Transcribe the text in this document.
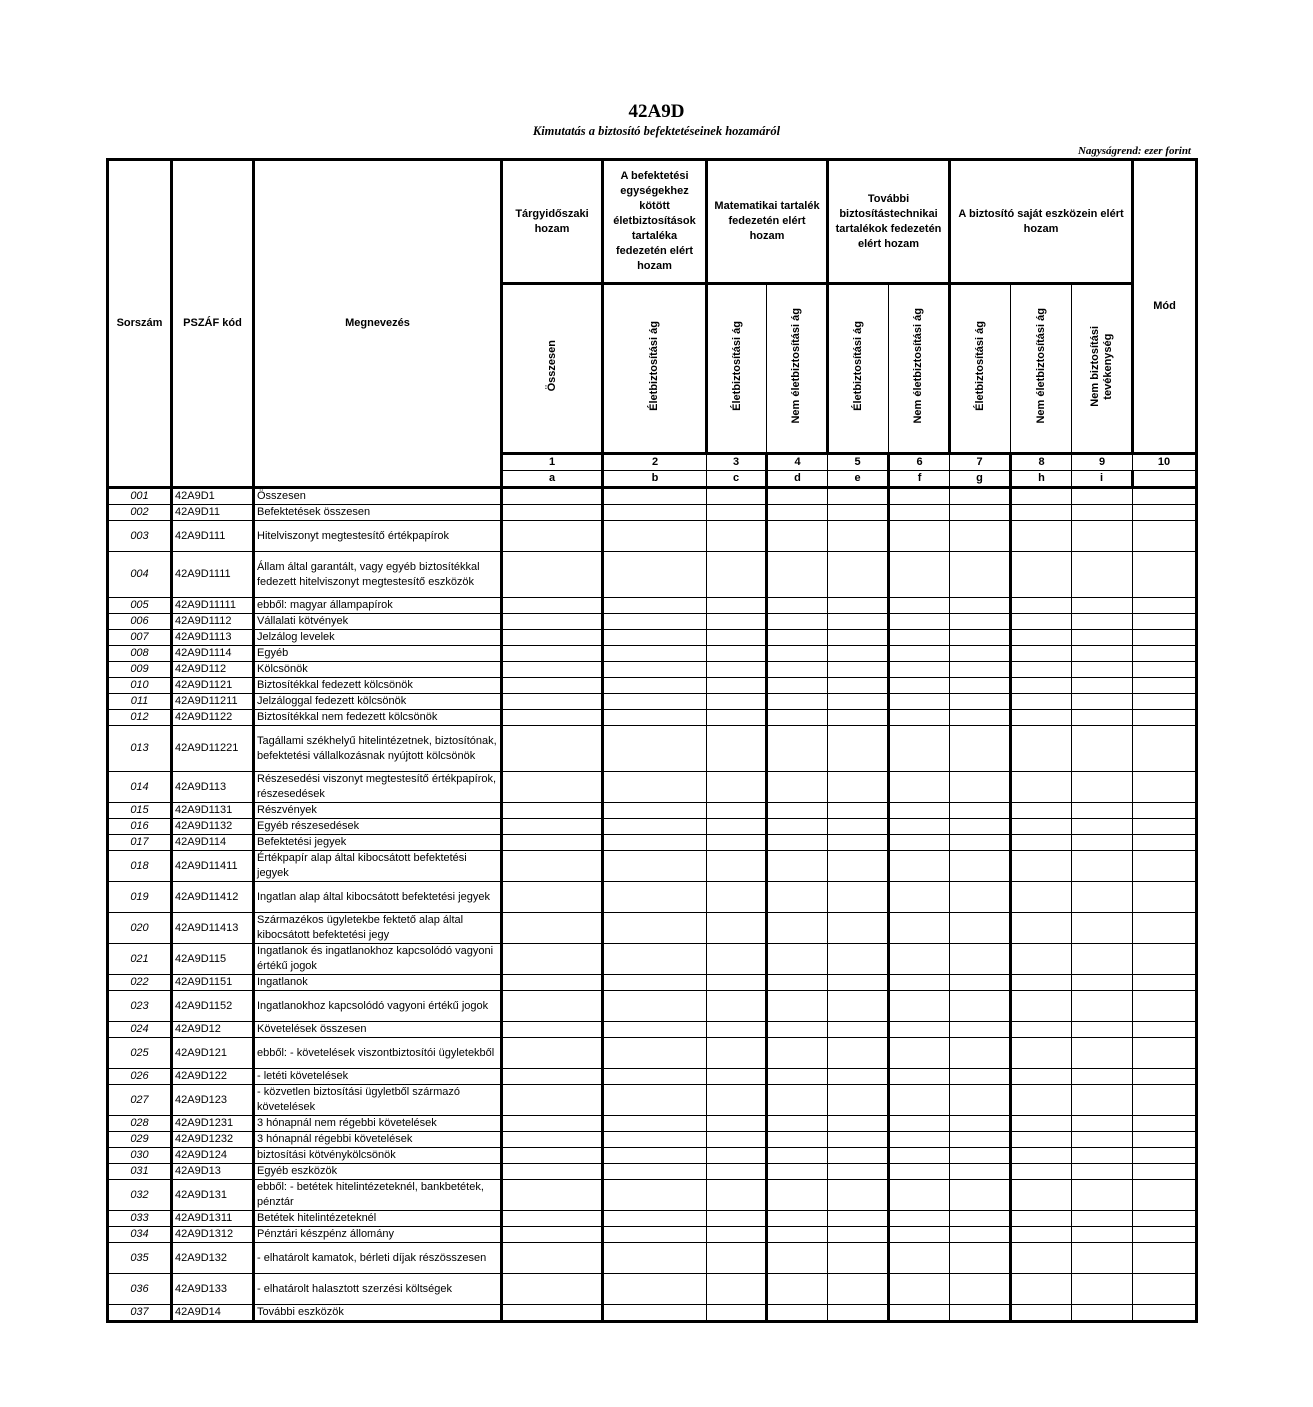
42A9D
Kimutatás a biztosító befektetéseinek hozamáról
Nagyságrend: ezer forint
Sorszám	PSZÁF kód	Megnevezés	Tárgyidőszaki hozam	A befektetési egységekhez kötött életbiztosítások tartaléka fedezetén elért hozam	Matematikai tartalék fedezetén elért hozam		További biztosítástechnikai tartalékok fedezetén elért hozam		A biztosító saját eszközein elért hozam			Mód
			Összesen	Életbiztosítási ág	Életbiztosítási ág	Nem életbiztosítási ág	Életbiztosítási ág	Nem életbiztosítási ág	Életbiztosítási ág	Nem életbiztosítási ág	Nem biztosítási
tevékenység	
			1	2	3	4	5	6	7	8	9	10
			a	b	c	d	e	f	g	h	i	
001	42A9D1	Összesen										
002	42A9D11	Befektetések összesen										
003	42A9D111	Hitelviszonyt megtestesítő értékpapírok										
004	42A9D1111	Állam által garantált, vagy egyéb biztosítékkal fedezett hitelviszonyt megtestesítő eszközök										
005	42A9D11111	ebből: magyar állampapírok										
006	42A9D1112	Vállalati kötvények										
007	42A9D1113	Jelzálog levelek										
008	42A9D1114	Egyéb										
009	42A9D112	Kölcsönök										
010	42A9D1121	Biztosítékkal fedezett kölcsönök										
011	42A9D11211	Jelzáloggal fedezett kölcsönök										
012	42A9D1122	Biztosítékkal nem fedezett kölcsönök										
013	42A9D11221	Tagállami székhelyű hitelintézetnek, biztosítónak, befektetési vállalkozásnak nyújtott kölcsönök										
014	42A9D113	Részesedési viszonyt megtestesítő értékpapírok, részesedések										
015	42A9D1131	Részvények										
016	42A9D1132	Egyéb részesedések										
017	42A9D114	Befektetési jegyek										
018	42A9D11411	Értékpapír alap által kibocsátott befektetési jegyek										
019	42A9D11412	Ingatlan alap által kibocsátott befektetési jegyek										
020	42A9D11413	Származékos ügyletekbe fektető alap által kibocsátott befektetési jegy										
021	42A9D115	Ingatlanok és ingatlanokhoz kapcsolódó vagyoni értékű jogok										
022	42A9D1151	Ingatlanok										
023	42A9D1152	Ingatlanokhoz kapcsolódó vagyoni értékű jogok										
024	42A9D12	Követelések összesen										
025	42A9D121	ebből: - követelések viszontbiztosítói ügyletekből										
026	42A9D122	- letéti követelések										
027	42A9D123	- közvetlen biztosítási ügyletből származó követelések										
028	42A9D1231	3 hónapnál nem régebbi követelések										
029	42A9D1232	3 hónapnál régebbi követelések										
030	42A9D124	biztosítási kötvénykölcsönök										
031	42A9D13	Egyéb eszközök										
032	42A9D131	ebből: - betétek hitelintézeteknél, bankbetétek, pénztár										
033	42A9D1311	Betétek hitelintézeteknél										
034	42A9D1312	Pénztári készpénz állomány										
035	42A9D132	- elhatárolt kamatok, bérleti díjak részösszesen										
036	42A9D133	- elhatárolt halasztott szerzési költségek										
037	42A9D14	További eszközök										
